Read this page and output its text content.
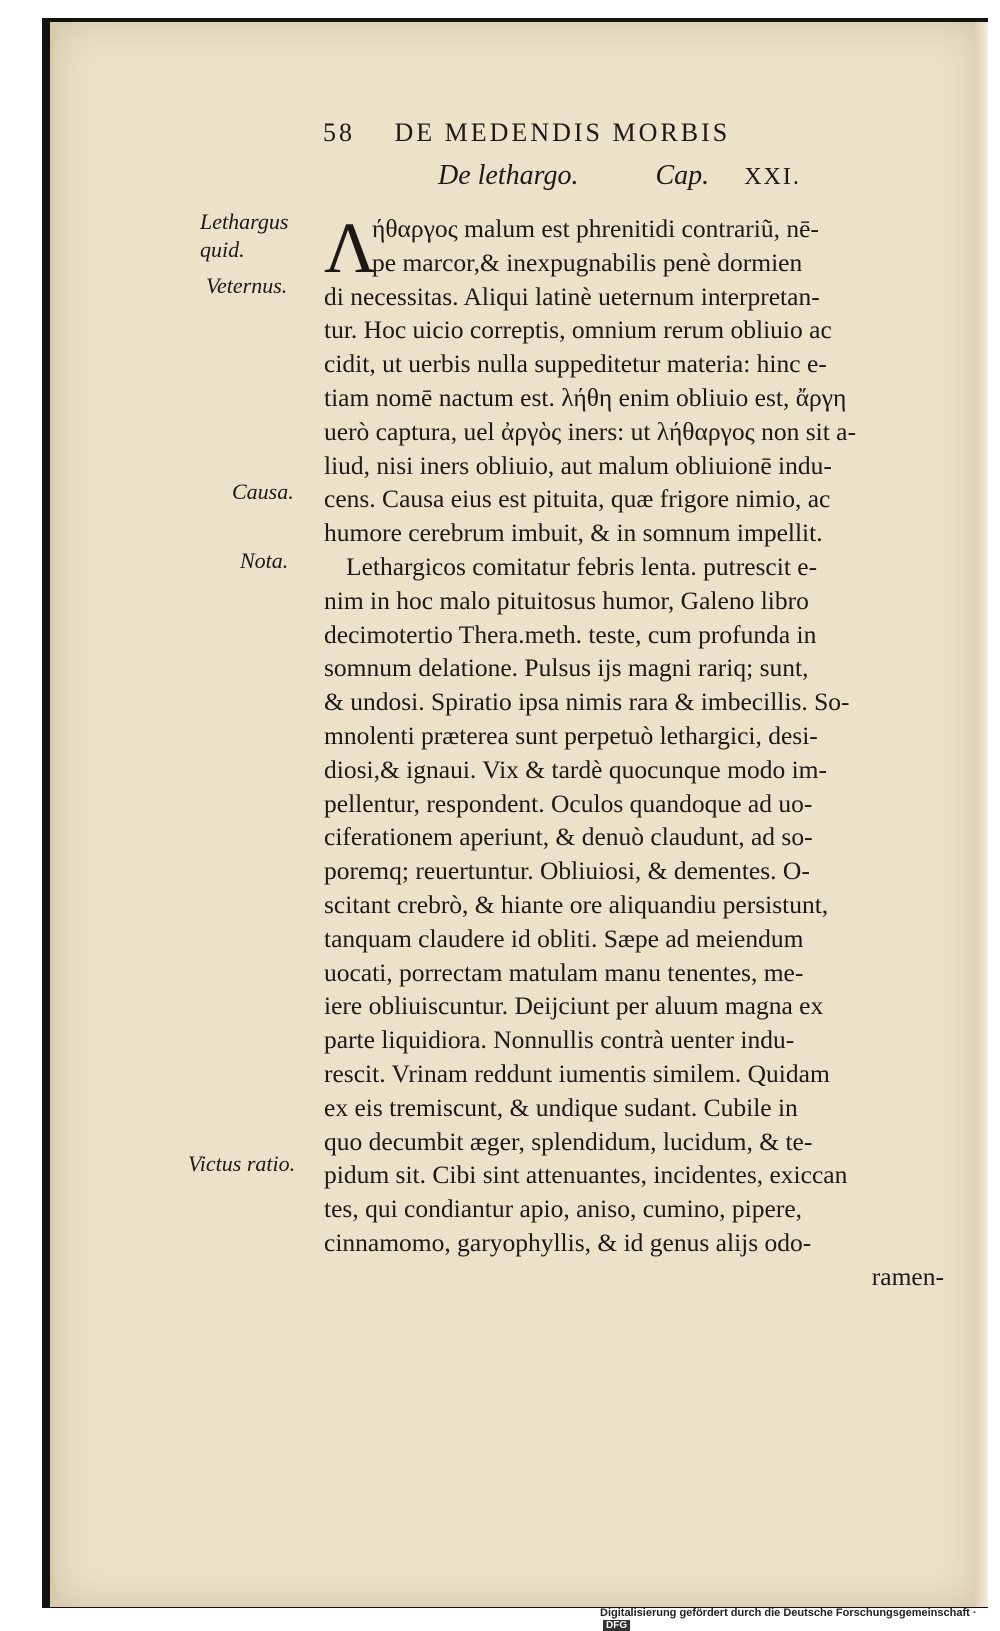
58 DE MEDENDIS MORBIS
De lethargo.	Cap. XXI.
Λ
Lethargus quid.
Veternus.
Causa.
Nota.
Victus ratio.
ήθαργος malum est phrenitidi contrariũ, nē-
pe marcor,& inexpugnabilis penè dormien
di necessitas. Aliqui latinè ueternum interpretan-
tur. Hoc uicio correptis, omnium rerum obliuio ac
cidit, ut uerbis nulla suppeditetur materia: hinc e-
tiam nomē nactum est. λήθη enim obliuio est, ἄργη
uerò captura, uel ἀργὸς iners: ut λήθαργος non sit a-
liud, nisi iners obliuio, aut malum obliuionē indu-
cens. Causa eius est pituita, quæ frigore nimio, ac
humore cerebrum imbuit, & in somnum impellit.
Lethargicos comitatur febris lenta. putrescit e-
nim in hoc malo pituitosus humor, Galeno libro
decimotertio Thera.meth. teste, cum profunda in
somnum delatione. Pulsus ijs magni rariq; sunt,
& undosi. Spiratio ipsa nimis rara & imbecillis. So-
mnolenti præterea sunt perpetuò lethargici, desi-
diosi,& ignaui. Vix & tardè quocunque modo im-
pellentur, respondent. Oculos quandoque ad uo-
ciferationem aperiunt, & denuò claudunt, ad so-
poremq; reuertuntur. Obliuiosi, & dementes. O-
scitant crebrò, & hiante ore aliquandiu persistunt,
tanquam claudere id obliti. Sæpe ad meiendum
uocati, porrectam matulam manu tenentes, me-
iere obliuiscuntur. Deijciunt per aluum magna ex
parte liquidiora. Nonnullis contrà uenter indu-
rescit. Vrinam reddunt iumentis similem. Quidam
ex eis tremiscunt, & undique sudant. Cubile in
quo decumbit æger, splendidum, lucidum, & te-
pidum sit. Cibi sint attenuantes, incidentes, exiccan
tes, qui condiantur apio, aniso, cumino, pipere,
cinnamomo, garyophyllis, & id genus alijs odo-
ramen-
Digitalisierung gefördert durch die Deutsche Forschungsgemeinschaft · DFG
